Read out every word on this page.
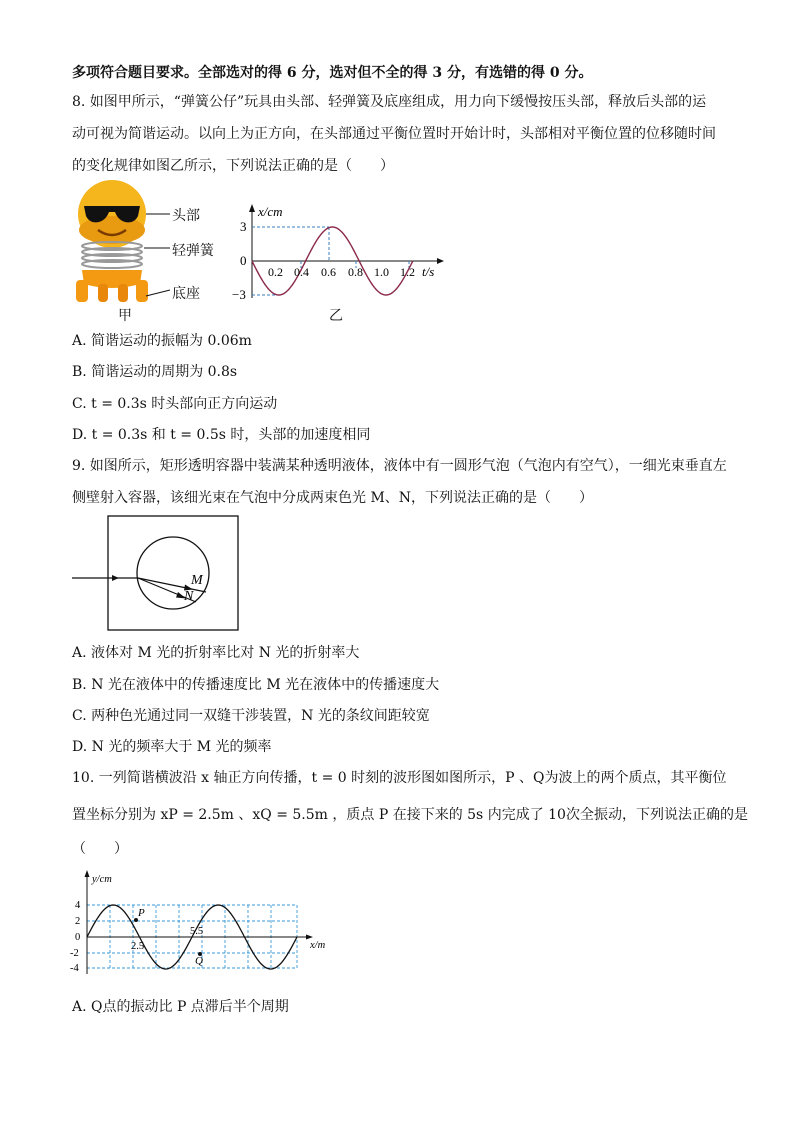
多项符合题目要求。全部选对的得 6 分，选对但不全的得 3 分，有选错的得 0 分。
8. 如图甲所示，“弹簧公仔”玩具由头部、轻弹簧及底座组成，用力向下缓慢按压头部，释放后头部的运
动可视为简谐运动。以向上为正方向，在头部通过平衡位置时开始计时，头部相对平衡位置的位移随时间
的变化规律如图乙所示，下列说法正确的是（　　）
头部
轻弹簧
底座
甲
x/cm
t/s
3
0
−3
0.2 0.4 0.6 0.8 1.0 1.2
乙
A. 简谐运动的振幅为 0.06m
B. 简谐运动的周期为 0.8s
C. t = 0.3s 时头部向正方向运动
D. t = 0.3s 和 t = 0.5s 时，头部的加速度相同
9. 如图所示，矩形透明容器中装满某种透明液体，液体中有一圆形气泡（气泡内有空气），一细光束垂直左
侧壁射入容器，该细光束在气泡中分成两束色光 M、N，下列说法正确的是（　　）
M
N
A. 液体对 M 光的折射率比对 N 光的折射率大
B. N 光在液体中的传播速度比 M 光在液体中的传播速度大
C. 两种色光通过同一双缝干涉装置，N 光的条纹间距较宽
D. N 光的频率大于 M 光的频率
10. 一列简谐横波沿 x 轴正方向传播，t = 0 时刻的波形图如图所示，P 、Q为波上的两个质点，其平衡位
置坐标分别为 xP = 2.5m 、xQ = 5.5m ，质点 P 在接下来的 5s 内完成了 10次全振动，下列说法正确的是
（　　）
P
Q
2.5
5.5
y/cm
x/m
4
2
0
-2
-4
A. Q点的振动比 P 点滞后半个周期
